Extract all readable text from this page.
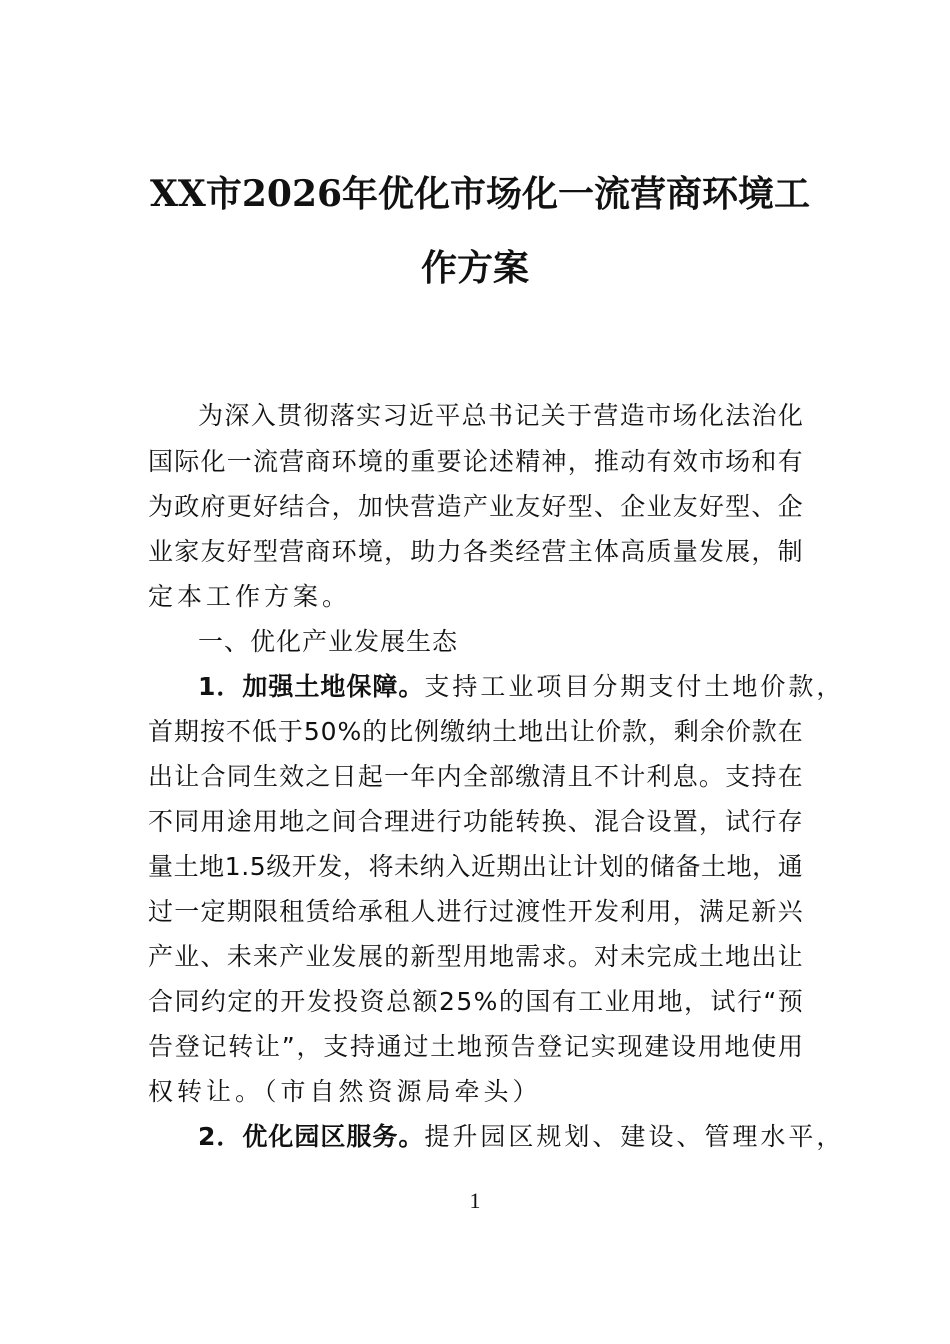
XX市2026年优化市场化一流营商环境工
作方案
为 深 入 贯 彻 落 实 习 近 平 总 书 记 关 于 营 造 市 场 化 法 治 化
国 际 化 一 流 营 商 环 境 的 重 要 论 述 精 神 ， 推 动 有 效 市 场 和 有
为 政 府 更 好 结 合 ， 加 快 营 造 产 业 友 好 型 、 企 业 友 好 型 、 企
业 家 友 好 型 营 商 环 境 ， 助 力 各 类 经 营 主 体 高 质 量 发 展 ， 制
定本工作方案。
一、优化产业发展生态
1．加强土地保障。 支持工业项目分期支付土地价款，
首 期 按 不 低 于 5 0 % 的 比 例 缴 纳 土 地 出 让 价 款 ， 剩 余 价 款 在
出 让 合 同 生 效 之 日 起 一 年 内 全 部 缴 清 且 不 计 利 息 。 支 持 在
不 同 用 途 用 地 之 间 合 理 进 行 功 能 转 换 、 混 合 设 置 ， 试 行 存
量 土 地 1 . 5 级 开 发 ， 将 未 纳 入 近 期 出 让 计 划 的 储 备 土 地 ， 通
过 一 定 期 限 租 赁 给 承 租 人 进 行 过 渡 性 开 发 利 用 ， 满 足 新 兴
产 业 、 未 来 产 业 发 展 的 新 型 用 地 需 求 。 对 未 完 成 土 地 出 让
合 同 约 定 的 开 发 投 资 总 额 2 5 % 的 国 有 工 业 用 地 ， 试 行 “ 预
告 登 记 转 让 ” ， 支 持 通 过 土 地 预 告 登 记 实 现 建 设 用 地 使 用
权转让。（市自然资源局牵头）
2．优化园区服务。 提升园区规划、建设、管理水平，
1
